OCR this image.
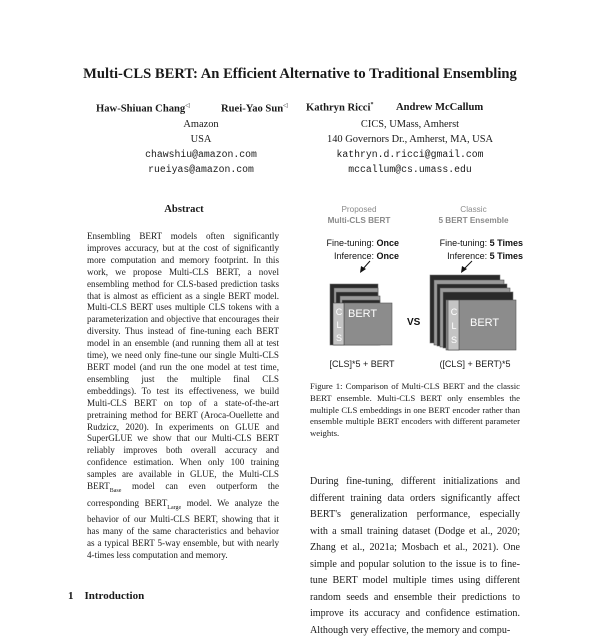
Multi-CLS BERT: An Efficient Alternative to Traditional Ensembling
Haw-Shiuan Chang◁	Ruei-Yao Sun◁ Kathryn Ricci* Andrew McCallum
Amazon
USA
chawshiu@amazon.com
rueiyas@amazon.com
CICS, UMass, Amherst
140 Governors Dr., Amherst, MA, USA
kathryn.d.ricci@gmail.com
mccallum@cs.umass.edu
Abstract

Ensembling BERT models often significantly improves accuracy, but at the cost of significantly more computation and memory footprint. In this work, we propose Multi-CLS BERT, a novel ensembling method for CLS-based prediction tasks that is almost as efficient as a single BERT model. Multi-CLS BERT uses multiple CLS tokens with a parameterization and objective that encourages their diversity. Thus instead of fine-tuning each BERT model in an ensemble (and running them all at test time), we need only fine-tune our single Multi-CLS BERT model (and run the one model at test time, ensembling just the multiple final CLS embeddings). To test its effectiveness, we build Multi-CLS BERT on top of a state-of-the-art pretraining method for BERT (Aroca-Ouellette and Rudzicz, 2020). In experiments on GLUE and SuperGLUE we show that our Multi-CLS BERT reliably improves both overall accuracy and confidence estimation. When only 100 training samples are available in GLUE, the Multi-CLS $BERT_{Base}$ model can even outperform the corresponding $BERT_{Large}$ model. We analyze the behavior of our Multi-CLS BERT, showing that it has many of the same characteristics and behavior as a typical BERT 5-way ensemble, but with nearly 4-times less computation and memory.

1 Introduction
Proposed
Multi-CLS BERT
Fine-tuning: Once
Inference: Once
Classic
5 BERT Ensemble
Fine-tuning: 5 Times
Inference: 5 Times
BERT
C
L
S
VS	BERT
C
L
S
[CLS]*5 + BERT	([CLS] + BERT)*5
Figure 1: Comparison of Multi-CLS BERT and the classic BERT ensemble. Multi-CLS BERT only ensembles the multiple CLS embeddings in one BERT encoder rather than ensemble multiple BERT encoders with different parameter weights.
During fine-tuning, different initializations and different training data orders significantly affect BERT's generalization performance, especially with a small training dataset (Dodge et al., 2020; Zhang et al., 2021a; Mosbach et al., 2021). One simple and popular solution to the issue is to fine-tune BERT model multiple times using different random seeds and ensemble their predictions to improve its accuracy and confidence estimation. Although very effective, the memory and compu-
